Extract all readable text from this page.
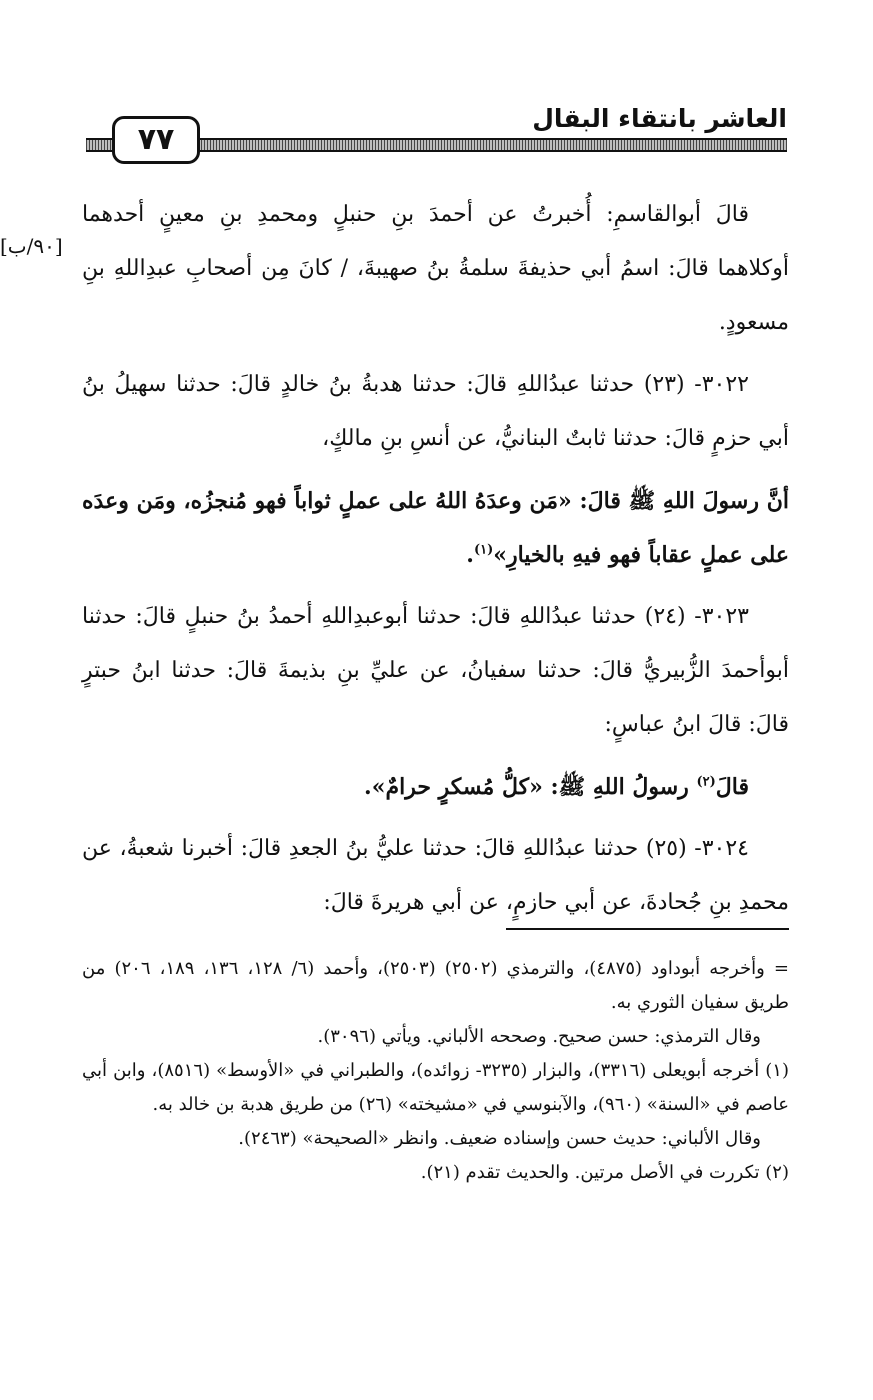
العاشر بانتقاء البقال
٧٧
[٩٠/ب]

قالَ أبوالقاسمِ: أُخبرتُ عن أحمدَ بنِ حنبلٍ ومحمدِ بنِ معينٍ أحدهما أوكلاهما قالَ: اسمُ أبي حذيفةَ سلمةُ بنُ صهيبةَ، / كانَ مِن أصحابِ عبدِاللهِ بنِ مسعودٍ.

٣٠٢٢- (٢٣) حدثنا عبدُاللهِ قالَ: حدثنا هدبةُ بنُ خالدٍ قالَ: حدثنا سهيلُ بنُ أبي حزمٍ قالَ: حدثنا ثابتٌ البنانيُّ، عن أنسِ بنِ مالكٍ،

أنَّ رسولَ اللهِ ﷺ قالَ: «مَن وعدَهُ اللهُ على عملٍ ثواباً فهو مُنجزُه، ومَن وعدَه على عملٍ عقاباً فهو فيهِ بالخيارِ»$^{(١)}$.

٣٠٢٣- (٢٤) حدثنا عبدُاللهِ قالَ: حدثنا أبوعبدِاللهِ أحمدُ بنُ حنبلٍ قالَ: حدثنا أبوأحمدَ الزُّبيريُّ قالَ: حدثنا سفيانُ، عن عليِّ بنِ بذيمةَ قالَ: حدثنا ابنُ حبترٍ قالَ: قالَ ابنُ عباسٍ:

قالَ$^{(٢)}$ رسولُ اللهِ ﷺ: «كلُّ مُسكرٍ حرامٌ».

٣٠٢٤- (٢٥) حدثنا عبدُاللهِ قالَ: حدثنا عليُّ بنُ الجعدِ قالَ: أخبرنا شعبةُ، عن محمدِ بنِ جُحادةَ، عن أبي حازمٍ، عن أبي هريرةَ قالَ:

= وأخرجه أبوداود (٤٨٧٥)، والترمذي (٢٥٠٢) (٢٥٠٣)، وأحمد (٦/ ١٢٨، ١٣٦، ١٨٩، ٢٠٦) من طريق سفيان الثوري به.

وقال الترمذي: حسن صحيح. وصححه الألباني. ويأتي (٣٠٩٦).

(١) أخرجه أبويعلى (٣٣١٦)، والبزار (٣٢٣٥- زوائده)، والطبراني في «الأوسط» (٨٥١٦)، وابن أبي عاصم في «السنة» (٩٦٠)، والآبنوسي في «مشيخته» (٢٦) من طريق هدبة بن خالد به.

وقال الألباني: حديث حسن وإسناده ضعيف. وانظر «الصحيحة» (٢٤٦٣).

(٢) تكررت في الأصل مرتين. والحديث تقدم (٢١).
